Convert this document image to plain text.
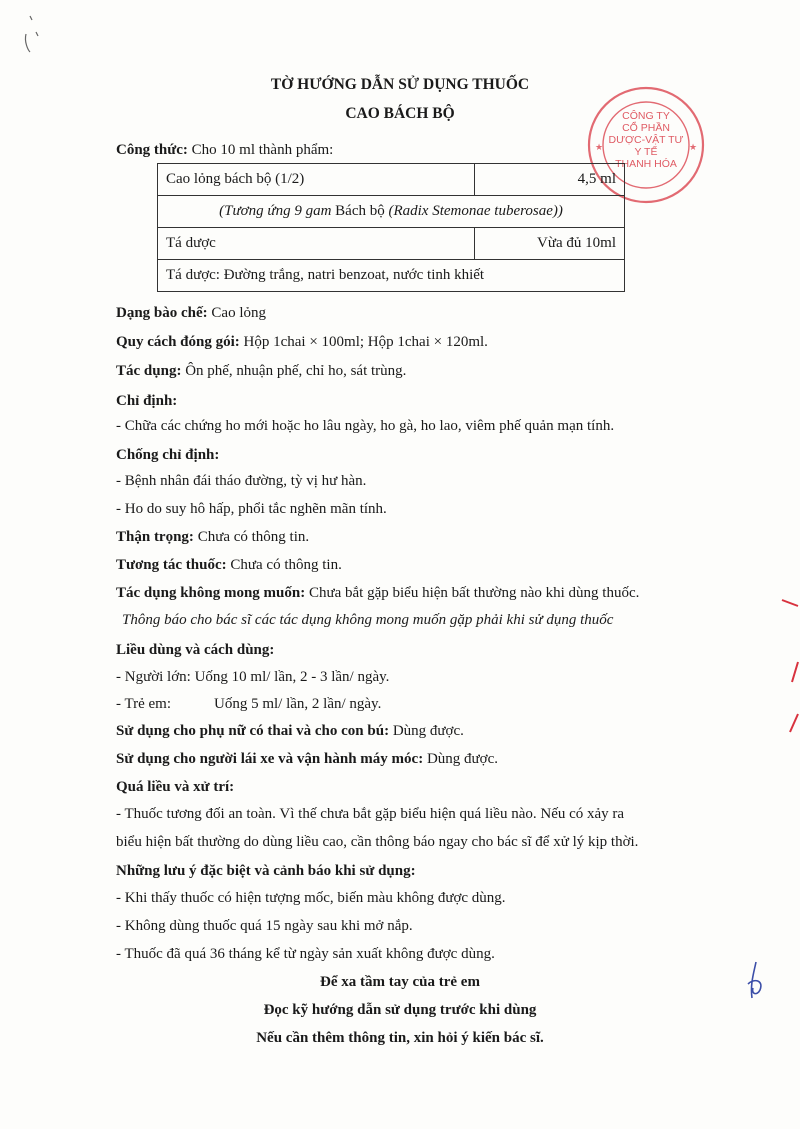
TỜ HƯỚNG DẪN SỬ DỤNG THUỐC
CAO BÁCH BỘ
★	★
CÔNG TY
CỔ PHẦN
DƯỢC-VẬT TƯ
Y TẾ
THANH HÓA
Công thức: Cho 10 ml thành phẩm:
Cao lỏng bách bộ (1/2)	4,5 ml
(Tương ứng 9 gam Bách bộ (Radix Stemonae tuberosae))	
Tá dược	Vừa đủ 10ml
Tá dược: Đường trắng, natri benzoat, nước tinh khiết	
Dạng bào chế: Cao lỏng
Quy cách đóng gói: Hộp 1chai × 100ml; Hộp 1chai × 120ml.
Tác dụng: Ôn phế, nhuận phế, chỉ ho, sát trùng.
Chỉ định:
- Chữa các chứng ho mới hoặc ho lâu ngày, ho gà, ho lao, viêm phế quản mạn tính.
Chống chỉ định:
- Bệnh nhân đái tháo đường, tỳ vị hư hàn.
- Ho do suy hô hấp, phổi tắc nghẽn mãn tính.
Thận trọng: Chưa có thông tin.
Tương tác thuốc: Chưa có thông tin.
Tác dụng không mong muốn: Chưa bắt gặp biểu hiện bất thường nào khi dùng thuốc.
Thông báo cho bác sĩ các tác dụng không mong muốn gặp phải khi sử dụng thuốc
Liều dùng và cách dùng:
- Người lớn: Uống 10 ml/ lần, 2 - 3 lần/ ngày.
- Trẻ em:	Uống 5 ml/ lần, 2 lần/ ngày.
Sử dụng cho phụ nữ có thai và cho con bú: Dùng được.
Sử dụng cho người lái xe và vận hành máy móc: Dùng được.
Quá liều và xử trí:
- Thuốc tương đối an toàn. Vì thế chưa bắt gặp biểu hiện quá liều nào. Nếu có xảy ra
biểu hiện bất thường do dùng liều cao, cần thông báo ngay cho bác sĩ để xử lý kịp thời.
Những lưu ý đặc biệt và cảnh báo khi sử dụng:
- Khi thấy thuốc có hiện tượng mốc, biến màu không được dùng.
- Không dùng thuốc quá 15 ngày sau khi mở nắp.
- Thuốc đã quá 36 tháng kể từ ngày sản xuất không được dùng.
Để xa tầm tay của trẻ em
Đọc kỹ hướng dẫn sử dụng trước khi dùng
Nếu cần thêm thông tin, xin hỏi ý kiến bác sĩ.
